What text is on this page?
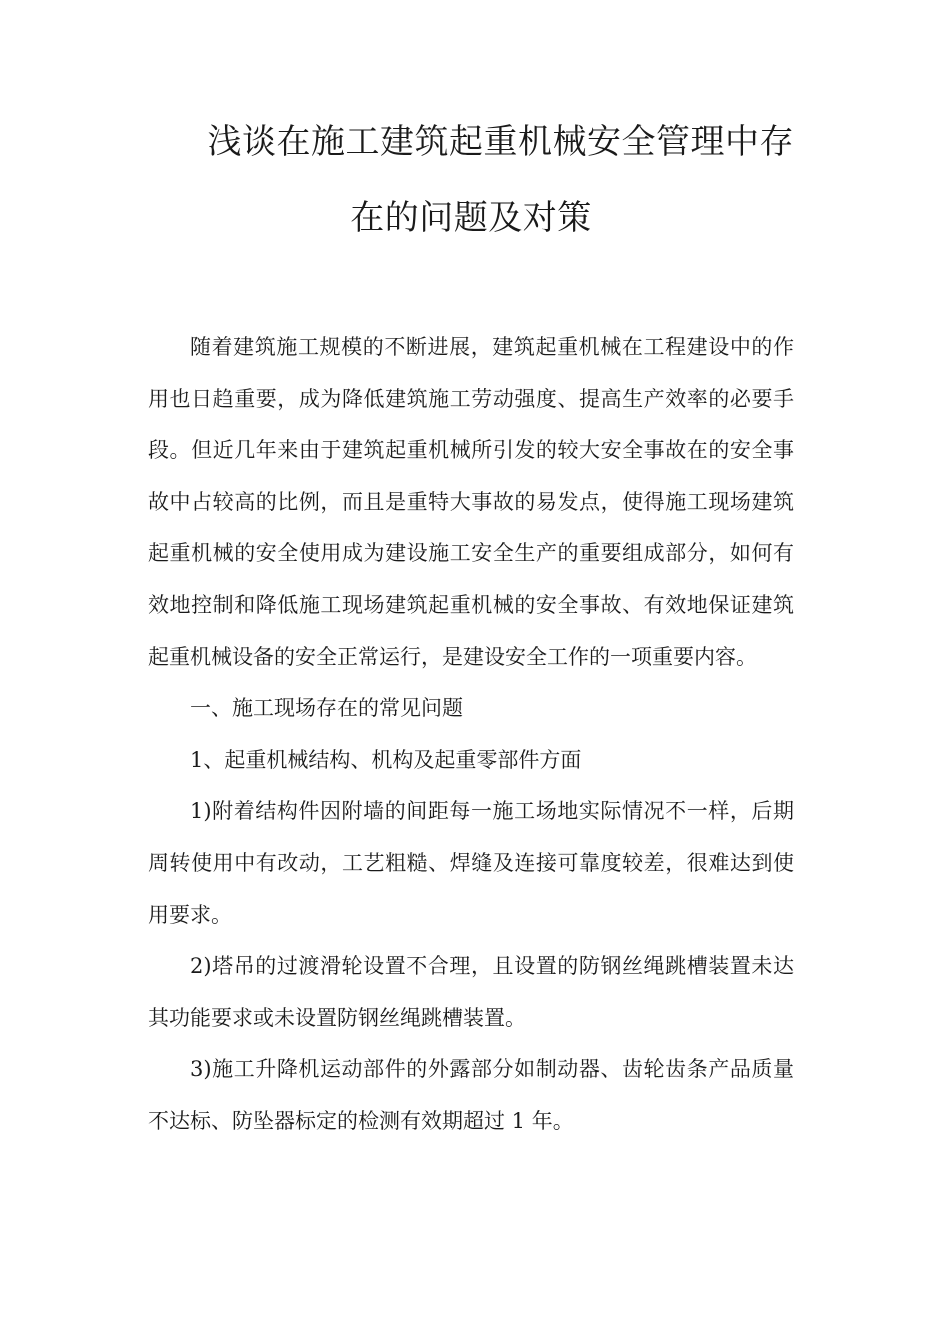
浅谈在施工建筑起重机械安全管理中存
在的问题及对策

随着建筑施工规模的不断进展，建筑起重机械在工程建设中的作用也日趋重要，成为降低建筑施工劳动强度、提高生产效率的必要手段。但近几年来由于建筑起重机械所引发的较大安全事故在的安全事故中占较高的比例，而且是重特大事故的易发点，使得施工现场建筑起重机械的安全使用成为建设施工安全生产的重要组成部分，如何有效地控制和降低施工现场建筑起重机械的安全事故、有效地保证建筑起重机械设备的安全正常运行，是建设安全工作的一项重要内容。

一、施工现场存在的常见问题

1、起重机械结构、机构及起重零部件方面

1)附着结构件因附墙的间距每一施工场地实际情况不一样，后期周转使用中有改动，工艺粗糙、焊缝及连接可靠度较差，很难达到使用要求。

2)塔吊的过渡滑轮设置不合理，且设置的防钢丝绳跳槽装置未达其功能要求或未设置防钢丝绳跳槽装置。

3)施工升降机运动部件的外露部分如制动器、齿轮齿条产品质量不达标、防坠器标定的检测有效期超过 1 年。
